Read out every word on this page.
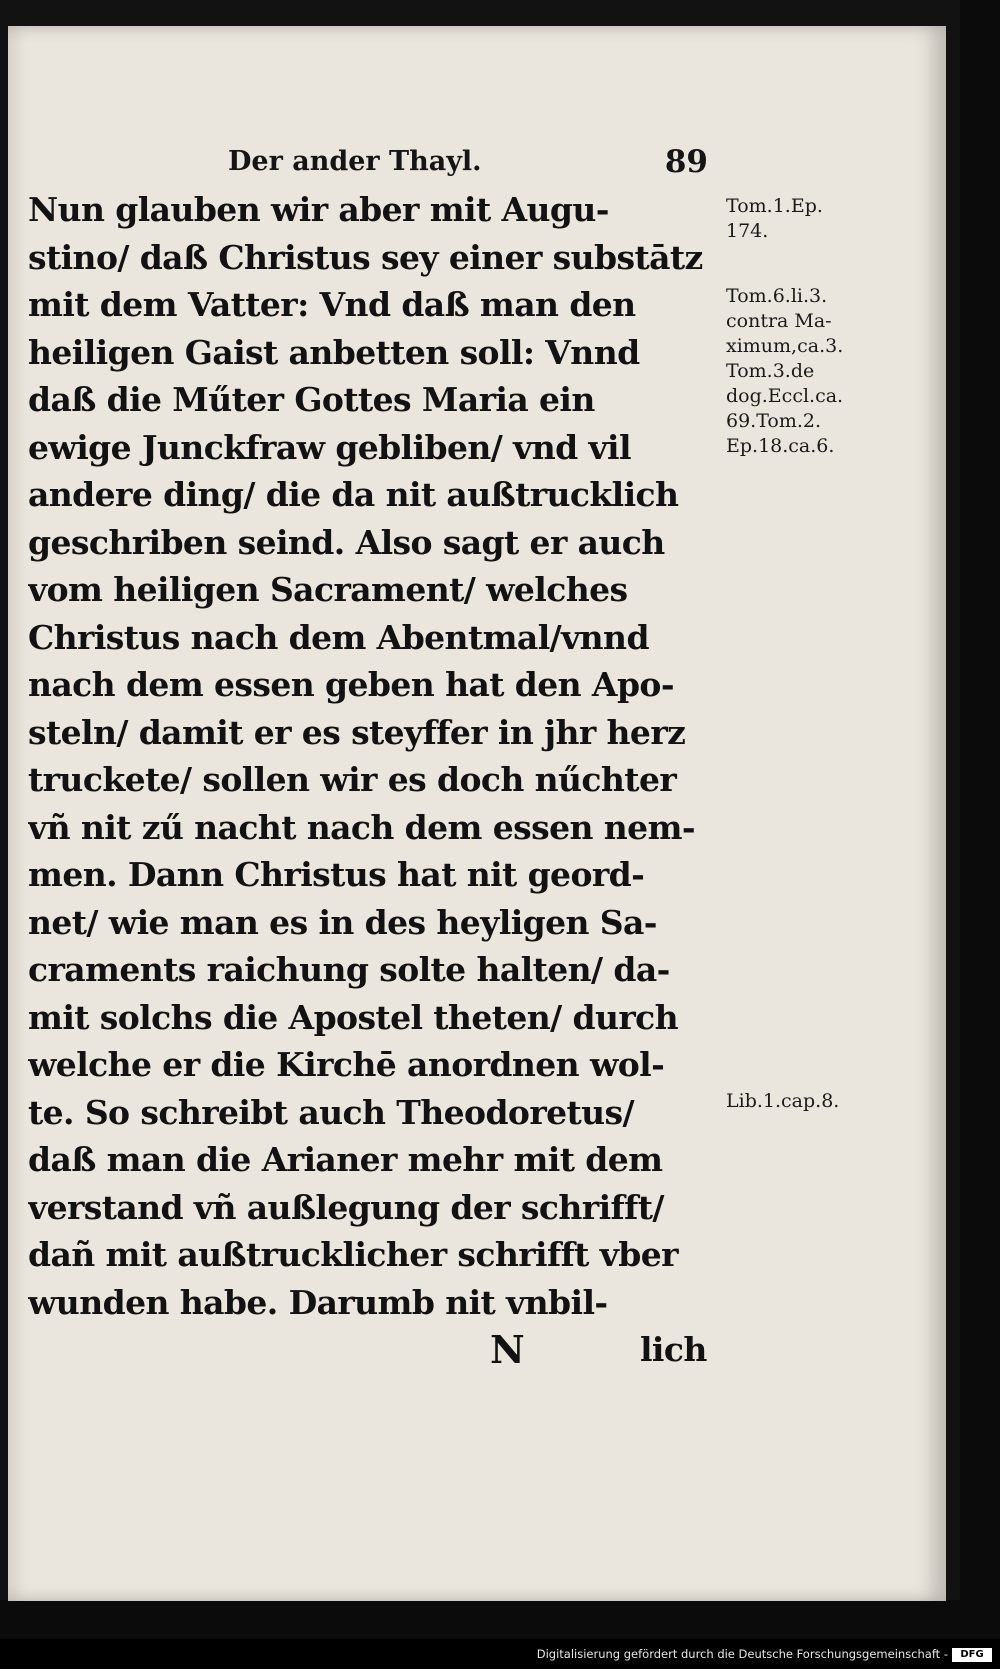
Der ander Thayl.	89
Nun glauben wir aber mit Augu-
stino/ daß Christus sey einer substātz
mit dem Vatter: Vnd daß man den
heiligen Gaist anbetten soll: Vnnd
daß die Műter Gottes Maria ein
ewige Junckfraw gebliben/ vnd vil
andere ding/ die da nit außtrucklich
geschriben seind. Also sagt er auch
vom heiligen Sacrament/ welches
Christus nach dem Abentmal/vnnd
nach dem essen geben hat den Apo-
steln/ damit er es steyffer in jhr herz
truckete/ sollen wir es doch nűchter
vñ nit zű nacht nach dem essen nem-
men. Dann Christus hat nit geord-
net/ wie man es in des heyligen Sa-
craments raichung solte halten/ da-
mit solchs die Apostel theten/ durch
welche er die Kirchē anordnen wol-
te. So schreibt auch Theodoretus/
daß man die Arianer mehr mit dem
verstand vñ außlegung der schrifft/
dañ mit außtrucklicher schrifft vber
wunden habe. Darumb nit vnbil-
N	lich
Tom.1.Ep.
174.
Tom.6.li.3.
contra Ma-
ximum,ca.3.
Tom.3.de
dog.Eccl.ca.
69.Tom.2.
Ep.18.ca.6.
Lib.1.cap.8.
Digitalisierung gefördert durch die Deutsche Forschungsgemeinschaft -	DFG
